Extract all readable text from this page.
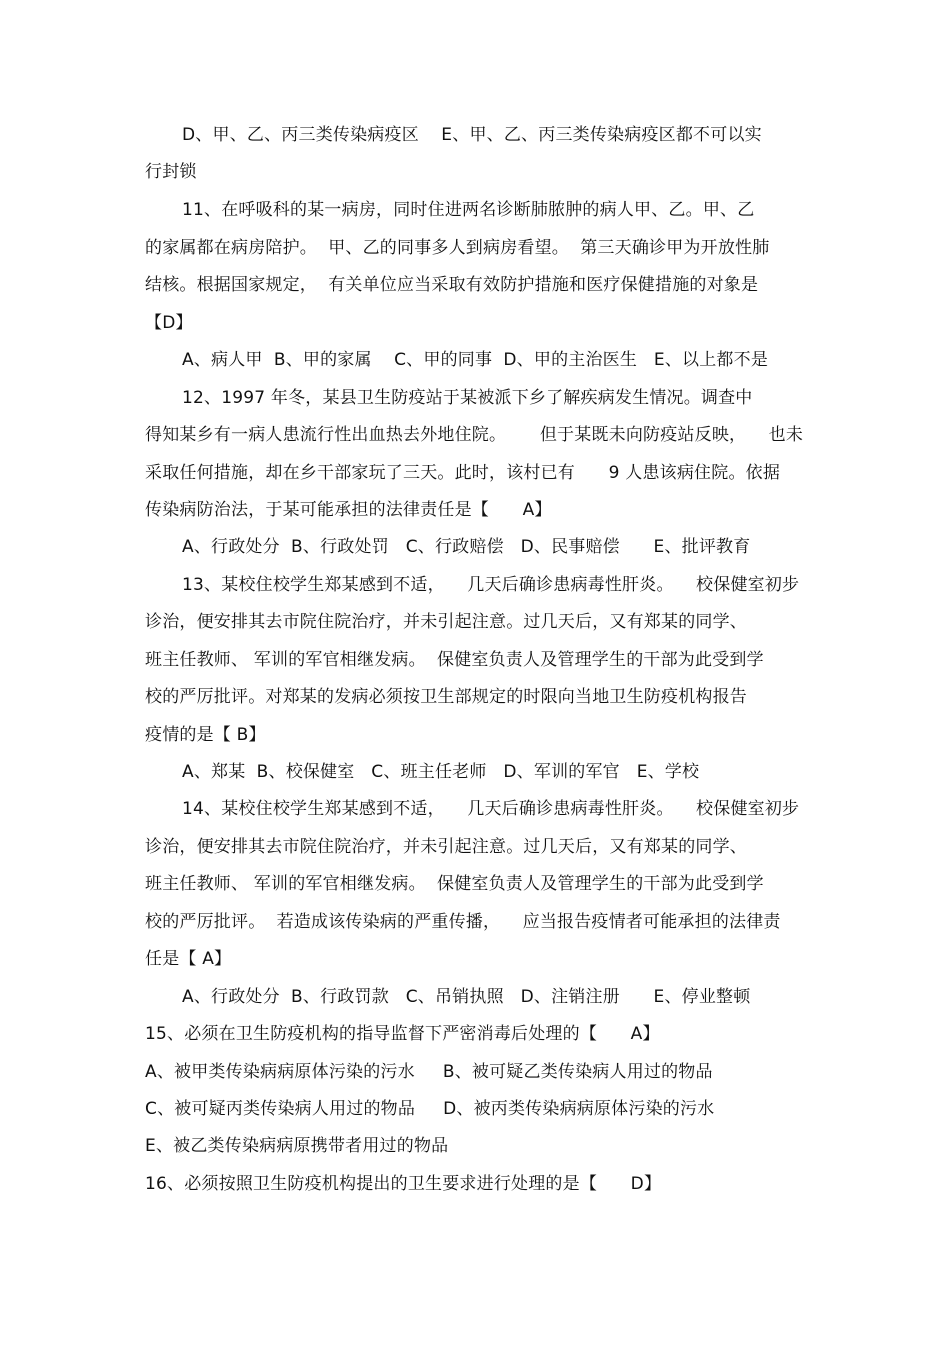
D、甲、乙、丙三类传染病疫区    E、甲、乙、丙三类传染病疫区都不可以实
行封锁
11、在呼吸科的某一病房，同时住进两名诊断肺脓肿的病人甲、乙。甲、乙
的家属都在病房陪护。  甲、乙的同事多人到病房看望。  第三天确诊甲为开放性肺
结核。根据国家规定，  有关单位应当采取有效防护措施和医疗保健措施的对象是
【D】
A、病人甲  B、甲的家属    C、甲的同事  D、甲的主治医生   E、以上都不是
12、1997 年冬，某县卫生防疫站于某被派下乡了解疾病发生情况。调查中
得知某乡有一病人患流行性出血热去外地住院。      但于某既未向防疫站反映，    也未
采取任何措施，却在乡干部家玩了三天。此时，该村已有      9 人患该病住院。依据
传染病防治法，于某可能承担的法律责任是【      A】
A、行政处分  B、行政处罚   C、行政赔偿   D、民事赔偿      E、批评教育
13、某校住校学生郑某感到不适，    几天后确诊患病毒性肝炎。    校保健室初步
诊治，便安排其去市院住院治疗，并未引起注意。过几天后，又有郑某的同学、
班主任教师、 军训的军官相继发病。  保健室负责人及管理学生的干部为此受到学
校的严厉批评。对郑某的发病必须按卫生部规定的时限向当地卫生防疫机构报告
疫情的是【 B】
A、郑某  B、校保健室   C、班主任老师   D、军训的军官   E、学校
14、某校住校学生郑某感到不适，    几天后确诊患病毒性肝炎。    校保健室初步
诊治，便安排其去市院住院治疗，并未引起注意。过几天后，又有郑某的同学、
班主任教师、 军训的军官相继发病。  保健室负责人及管理学生的干部为此受到学
校的严厉批评。  若造成该传染病的严重传播，    应当报告疫情者可能承担的法律责
任是【 A】
A、行政处分  B、行政罚款   C、吊销执照   D、注销注册      E、停业整顿
15、必须在卫生防疫机构的指导监督下严密消毒后处理的【      A】
A、被甲类传染病病原体污染的污水     B、被可疑乙类传染病人用过的物品
C、被可疑丙类传染病人用过的物品     D、被丙类传染病病原体污染的污水
E、被乙类传染病病原携带者用过的物品
16、必须按照卫生防疫机构提出的卫生要求进行处理的是【      D】
